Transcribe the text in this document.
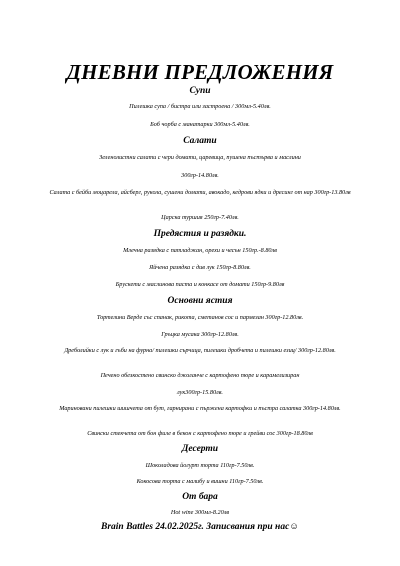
ДНЕВНИ ПРЕДЛОЖЕНИЯ
Супи
Пилешка супа / бистра или застроена / 300мл-5.40лв.
Боб чорба с манатарки 300мл-5.40лв.
Салати
Зеленолистни салати с чери домати, царевица, пушена пъстърва и маслини
300гр-14.80лв.
Салата с бейби моцарела, айсберг, рукола, сушени домати, авокадо, кедрови ядки и дресинг от нар 300гр-13.80лв
Царска туршия 250гр-7.40лв.
Предястия и разядки.
Млечна разядка с патладжан, орехи и чесън 150гр.-8.80лв
Яйчена разядка с див лук 150гр-8.80лв.
Брускети с маслинова паста и конкасе от домати 150гр-9.80лв
Основни ястия
Тортелини Верде със спанак, рикота, сметанов сос и пармезан 300гр-12.80лв.
Гръцка мусака 300гр-12.80лв.
Дреболийки с лук и гъби на фурна/ пилешки сърчица, пилешки дробчета и пилешки езиц/ 300гр-12.80лв.
Печено обезкостено свинско джоланче с картофено пюре и карамелизиран
лук300гр-15.80лв.
Мариновани пилешки шишчета от бут, гарнирани с пържена картофки и пъстра салатка 300гр-14.80лв.
Свински стекчета от бон филе в бекон с картофено пюре и грейви сос 300гр-18.80лв
Десерти
Шоколадова йогурт торта 110гр-7.50лв.
Кокосова торта с малибу и вишни 110гр-7.50лв.
От бара
Hot wine 300мл-8.20лв
Brain Battles 24.02.2025г. Записвания при нас☺
